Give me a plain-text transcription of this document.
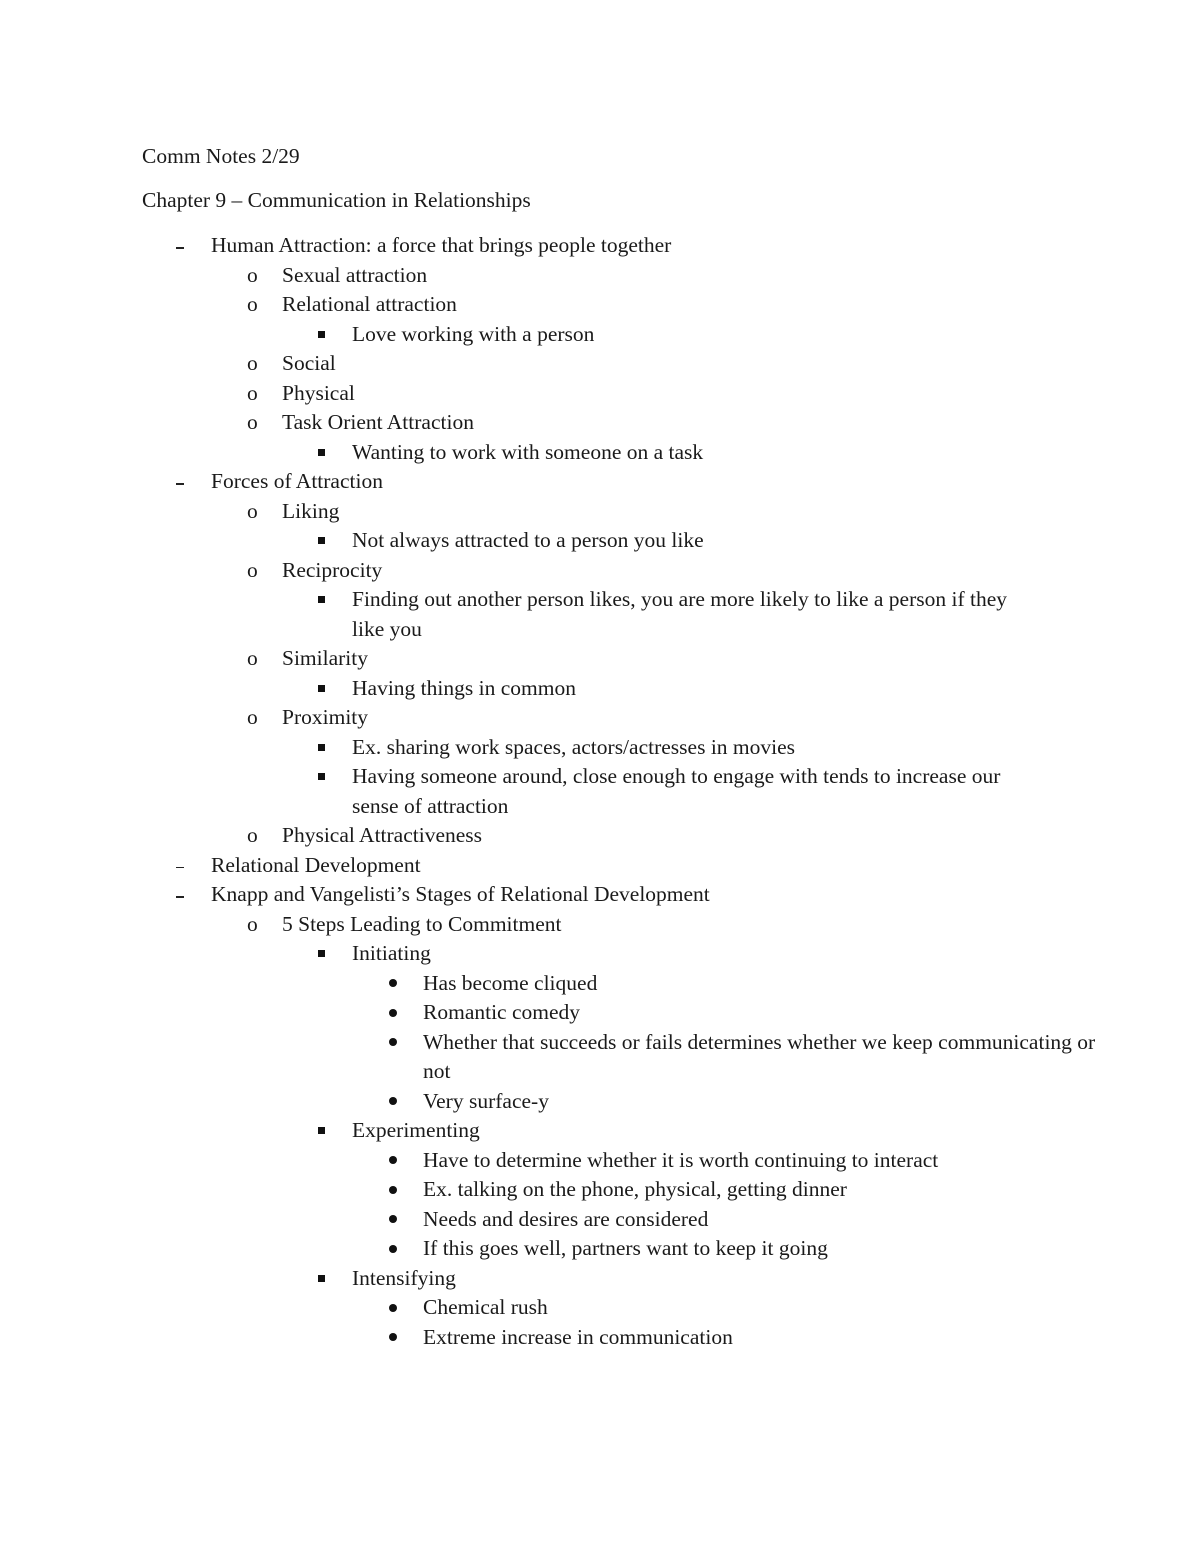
Comm Notes 2/29
Chapter 9 – Communication in Relationships
Human Attraction: a force that brings people together
o
Sexual attraction
o
Relational attraction
Love working with a person
o
Social
o
Physical
o
Task Orient Attraction
Wanting to work with someone on a task
Forces of Attraction
o
Liking
Not always attracted to a person you like
o
Reciprocity
Finding out another person likes, you are more likely to like a person if they like you
o
Similarity
Having things in common
o
Proximity
Ex. sharing work spaces, actors/actresses in movies
Having someone around, close enough to engage with tends to increase our sense of attraction
o
Physical Attractiveness
Relational Development
Knapp and Vangelisti’s Stages of Relational Development
o
5 Steps Leading to Commitment
Initiating
Has become cliqued
Romantic comedy
Whether that succeeds or fails determines whether we keep communicating or not
Very surface-y
Experimenting
Have to determine whether it is worth continuing to interact
Ex. talking on the phone, physical, getting dinner
Needs and desires are considered
If this goes well, partners want to keep it going
Intensifying
Chemical rush
Extreme increase in communication
